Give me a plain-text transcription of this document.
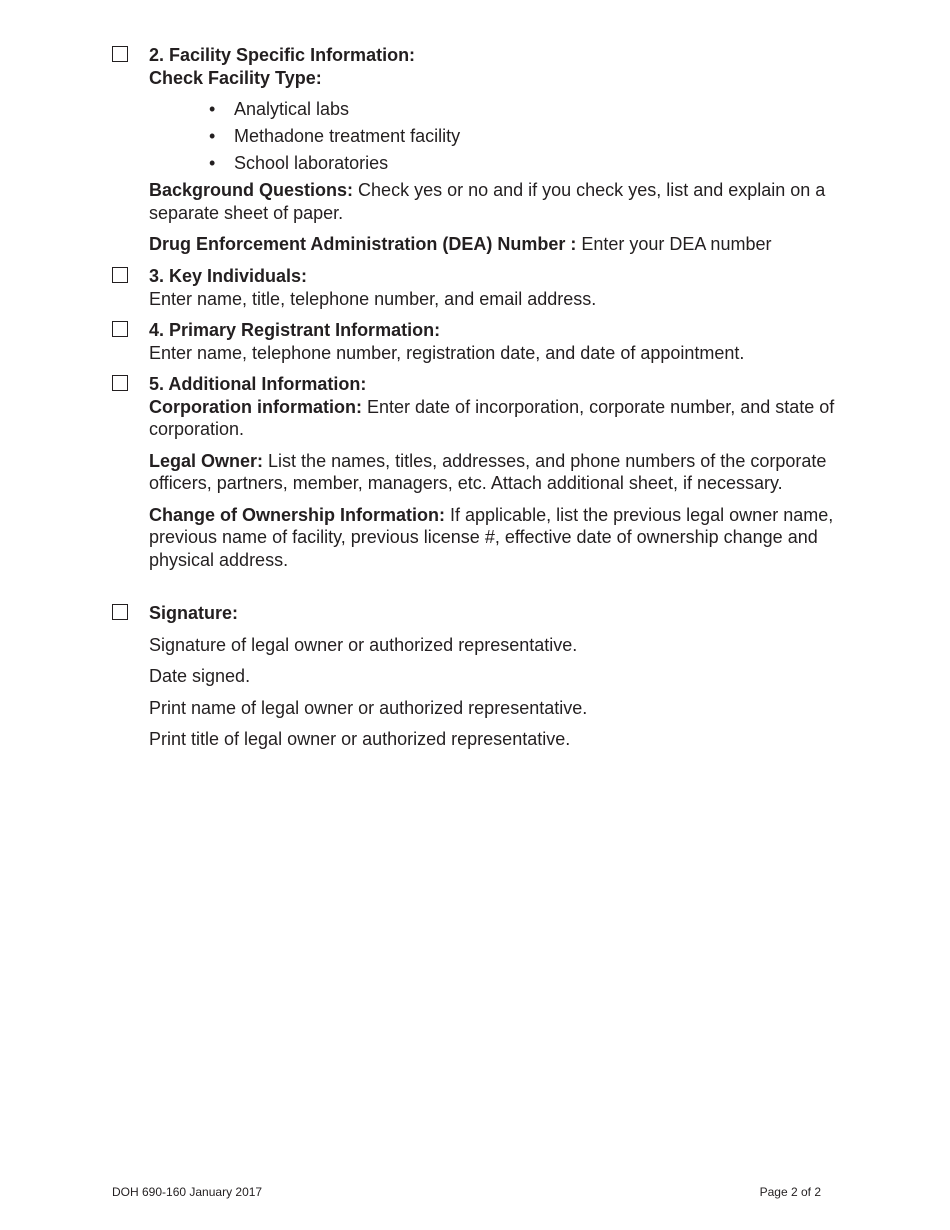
2. Facility Specific Information:

Check Facility Type:

• Analytical labs
• Methadone treatment facility
• School laboratories

Background Questions: Check yes or no and if you check yes, list and explain on a separate sheet of paper.

Drug Enforcement Administration (DEA) Number : Enter your DEA number

3. Key Individuals:

Enter name, title, telephone number, and email address.

4. Primary Registrant Information:

Enter name, telephone number, registration date, and date of appointment.

5. Additional Information:

Corporation information: Enter date of incorporation, corporate number, and state of corporation.

Legal Owner: List the names, titles, addresses, and phone numbers of the corporate officers, partners, member, managers, etc. Attach additional sheet, if necessary.

Change of Ownership Information: If applicable, list the previous legal owner name, previous name of facility, previous license #, effective date of ownership change and physical address.

Signature:

Signature of legal owner or authorized representative.

Date signed.

Print name of legal owner or authorized representative.

Print title of legal owner or authorized representative.

DOH 690-160 January 2017	Page 2 of 2
